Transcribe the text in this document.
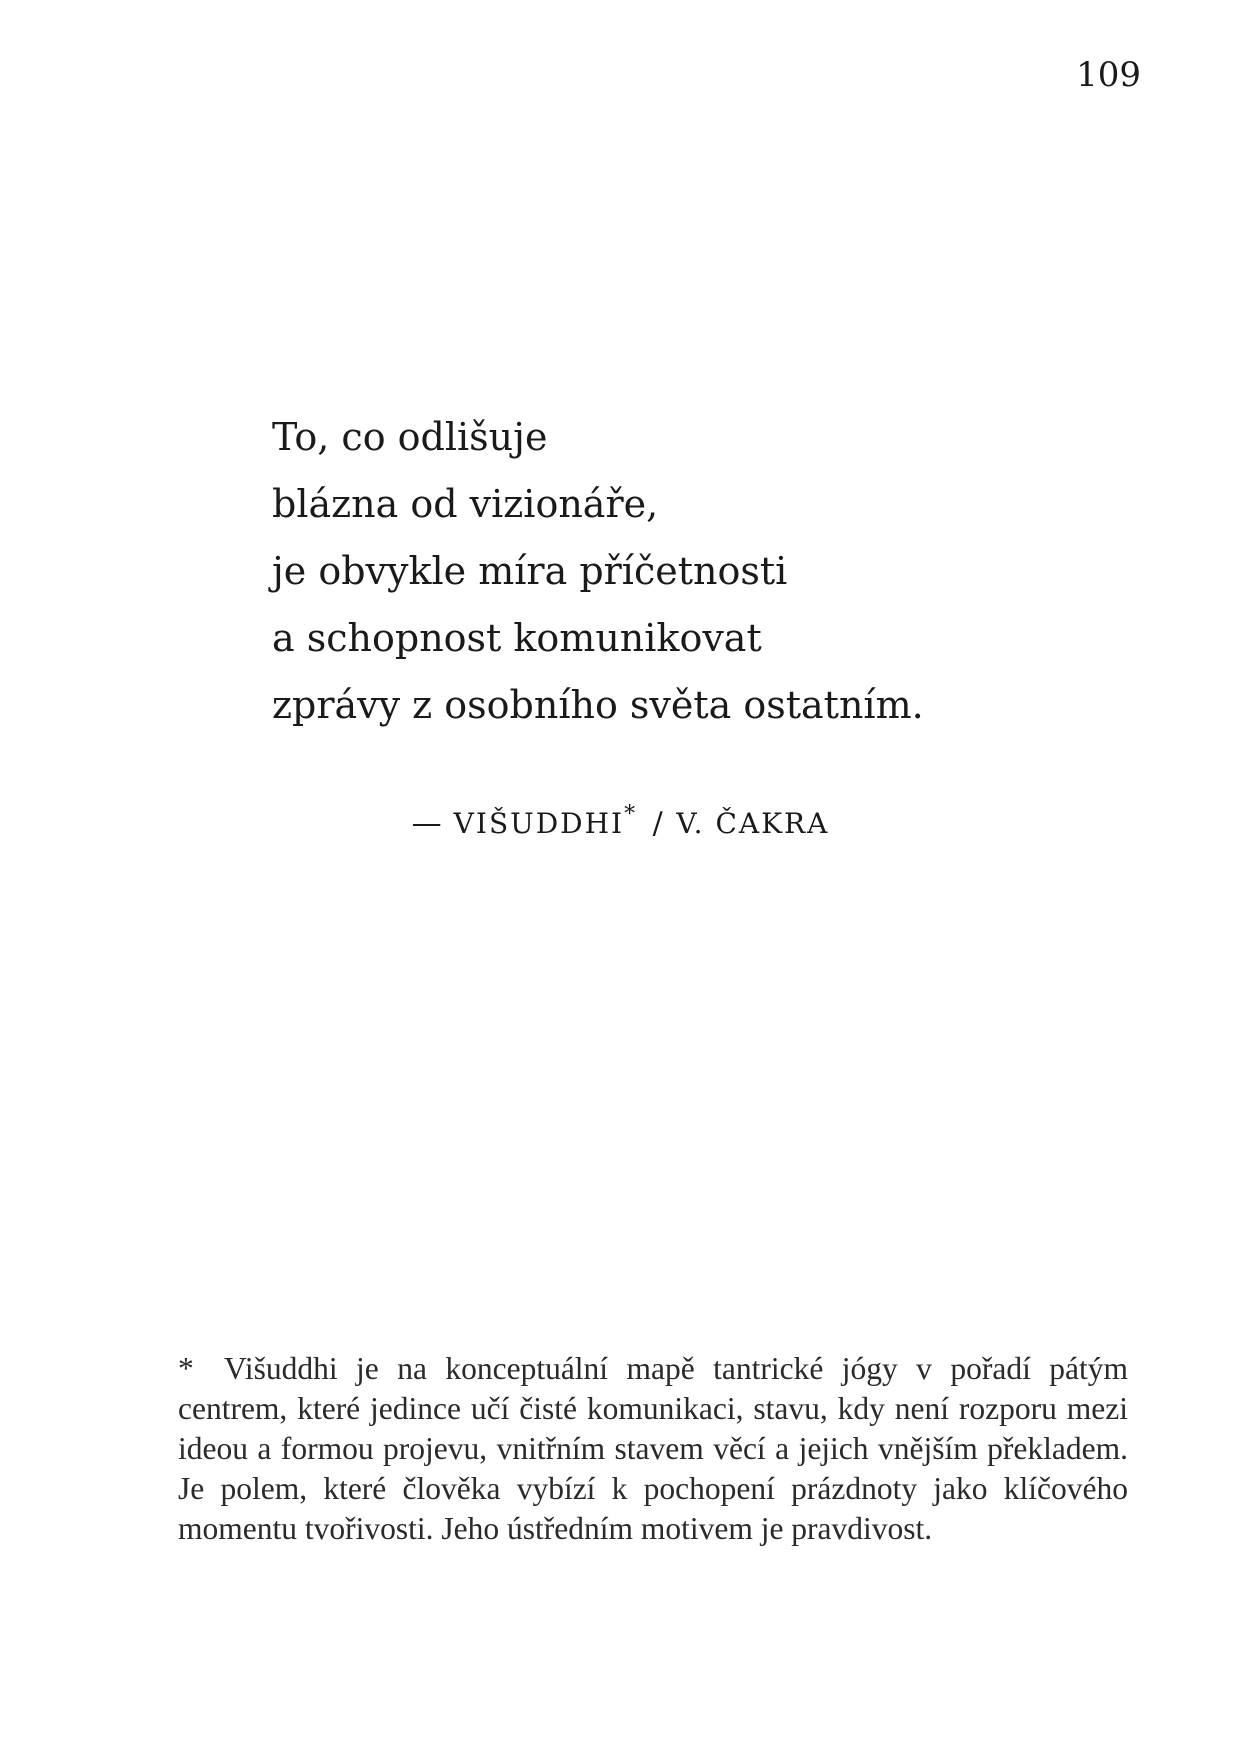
109
To, co odlišuje
blázna od vizionáře,
je obvykle míra příčetnosti
a schopnost komunikovat
zprávy z osobního světa ostatním.
— VIŠUDDHI* / V. ČAKRA

* Višuddhi je na konceptuální mapě tantrické jógy v pořadí pátým centrem, které jedince učí čisté komunikaci, stavu, kdy není rozporu mezi ideou a formou projevu, vnitřním stavem věcí a jejich vnějším překladem. Je polem, které člověka vybízí k pochopení prázdnoty jako klíčového momentu tvořivosti. Jeho ústředním motivem je pravdivost.
